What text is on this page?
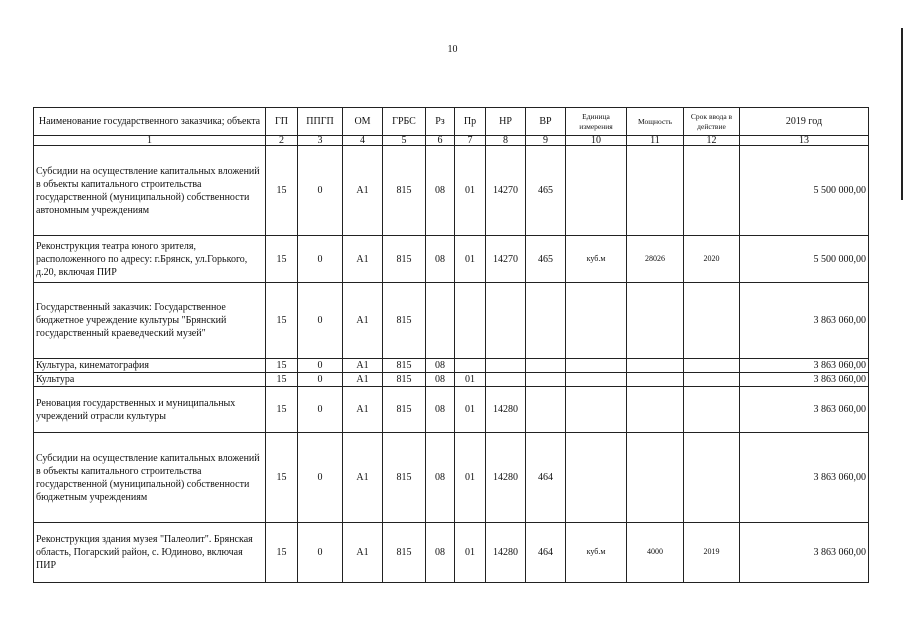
10
Наименование государственного заказчика; объекта	ГП	ППГП	ОМ	ГРБС	Рз	Пр	НР	ВР	Единица измерения	Мощность	Срок ввода в действие	2019 год
1	2	3	4	5	6	7	8	9	10	11	12	13
Субсидии на осуществление капитальных вложений в объекты капитального строительства государственной (муниципальной) собственности автономным учреждениям	15	0	А1	815	08	01	14270	465				5 500 000,00
Реконструкция театра юного зрителя, расположенного по адресу: г.Брянск, ул.Горького, д.20, включая ПИР	15	0	А1	815	08	01	14270	465	куб.м	28026	2020	5 500 000,00
Государственный заказчик: Государственное бюджетное учреждение культуры "Брянский государственный краеведческий музей"	15	0	А1	815								3 863 060,00
Культура, кинематография	15	0	А1	815	08							3 863 060,00
Культура	15	0	А1	815	08	01						3 863 060,00
Реновация государственных и муниципальных учреждений отрасли культуры	15	0	А1	815	08	01	14280					3 863 060,00
Субсидии на осуществление капитальных вложений в объекты капитального строительства государственной (муниципальной) собственности бюджетным учреждениям	15	0	А1	815	08	01	14280	464				3 863 060,00
Реконструкция здания музея "Палеолит". Брянская область, Погарский район, с. Юдиново, включая ПИР	15	0	А1	815	08	01	14280	464	куб.м	4000	2019	3 863 060,00
